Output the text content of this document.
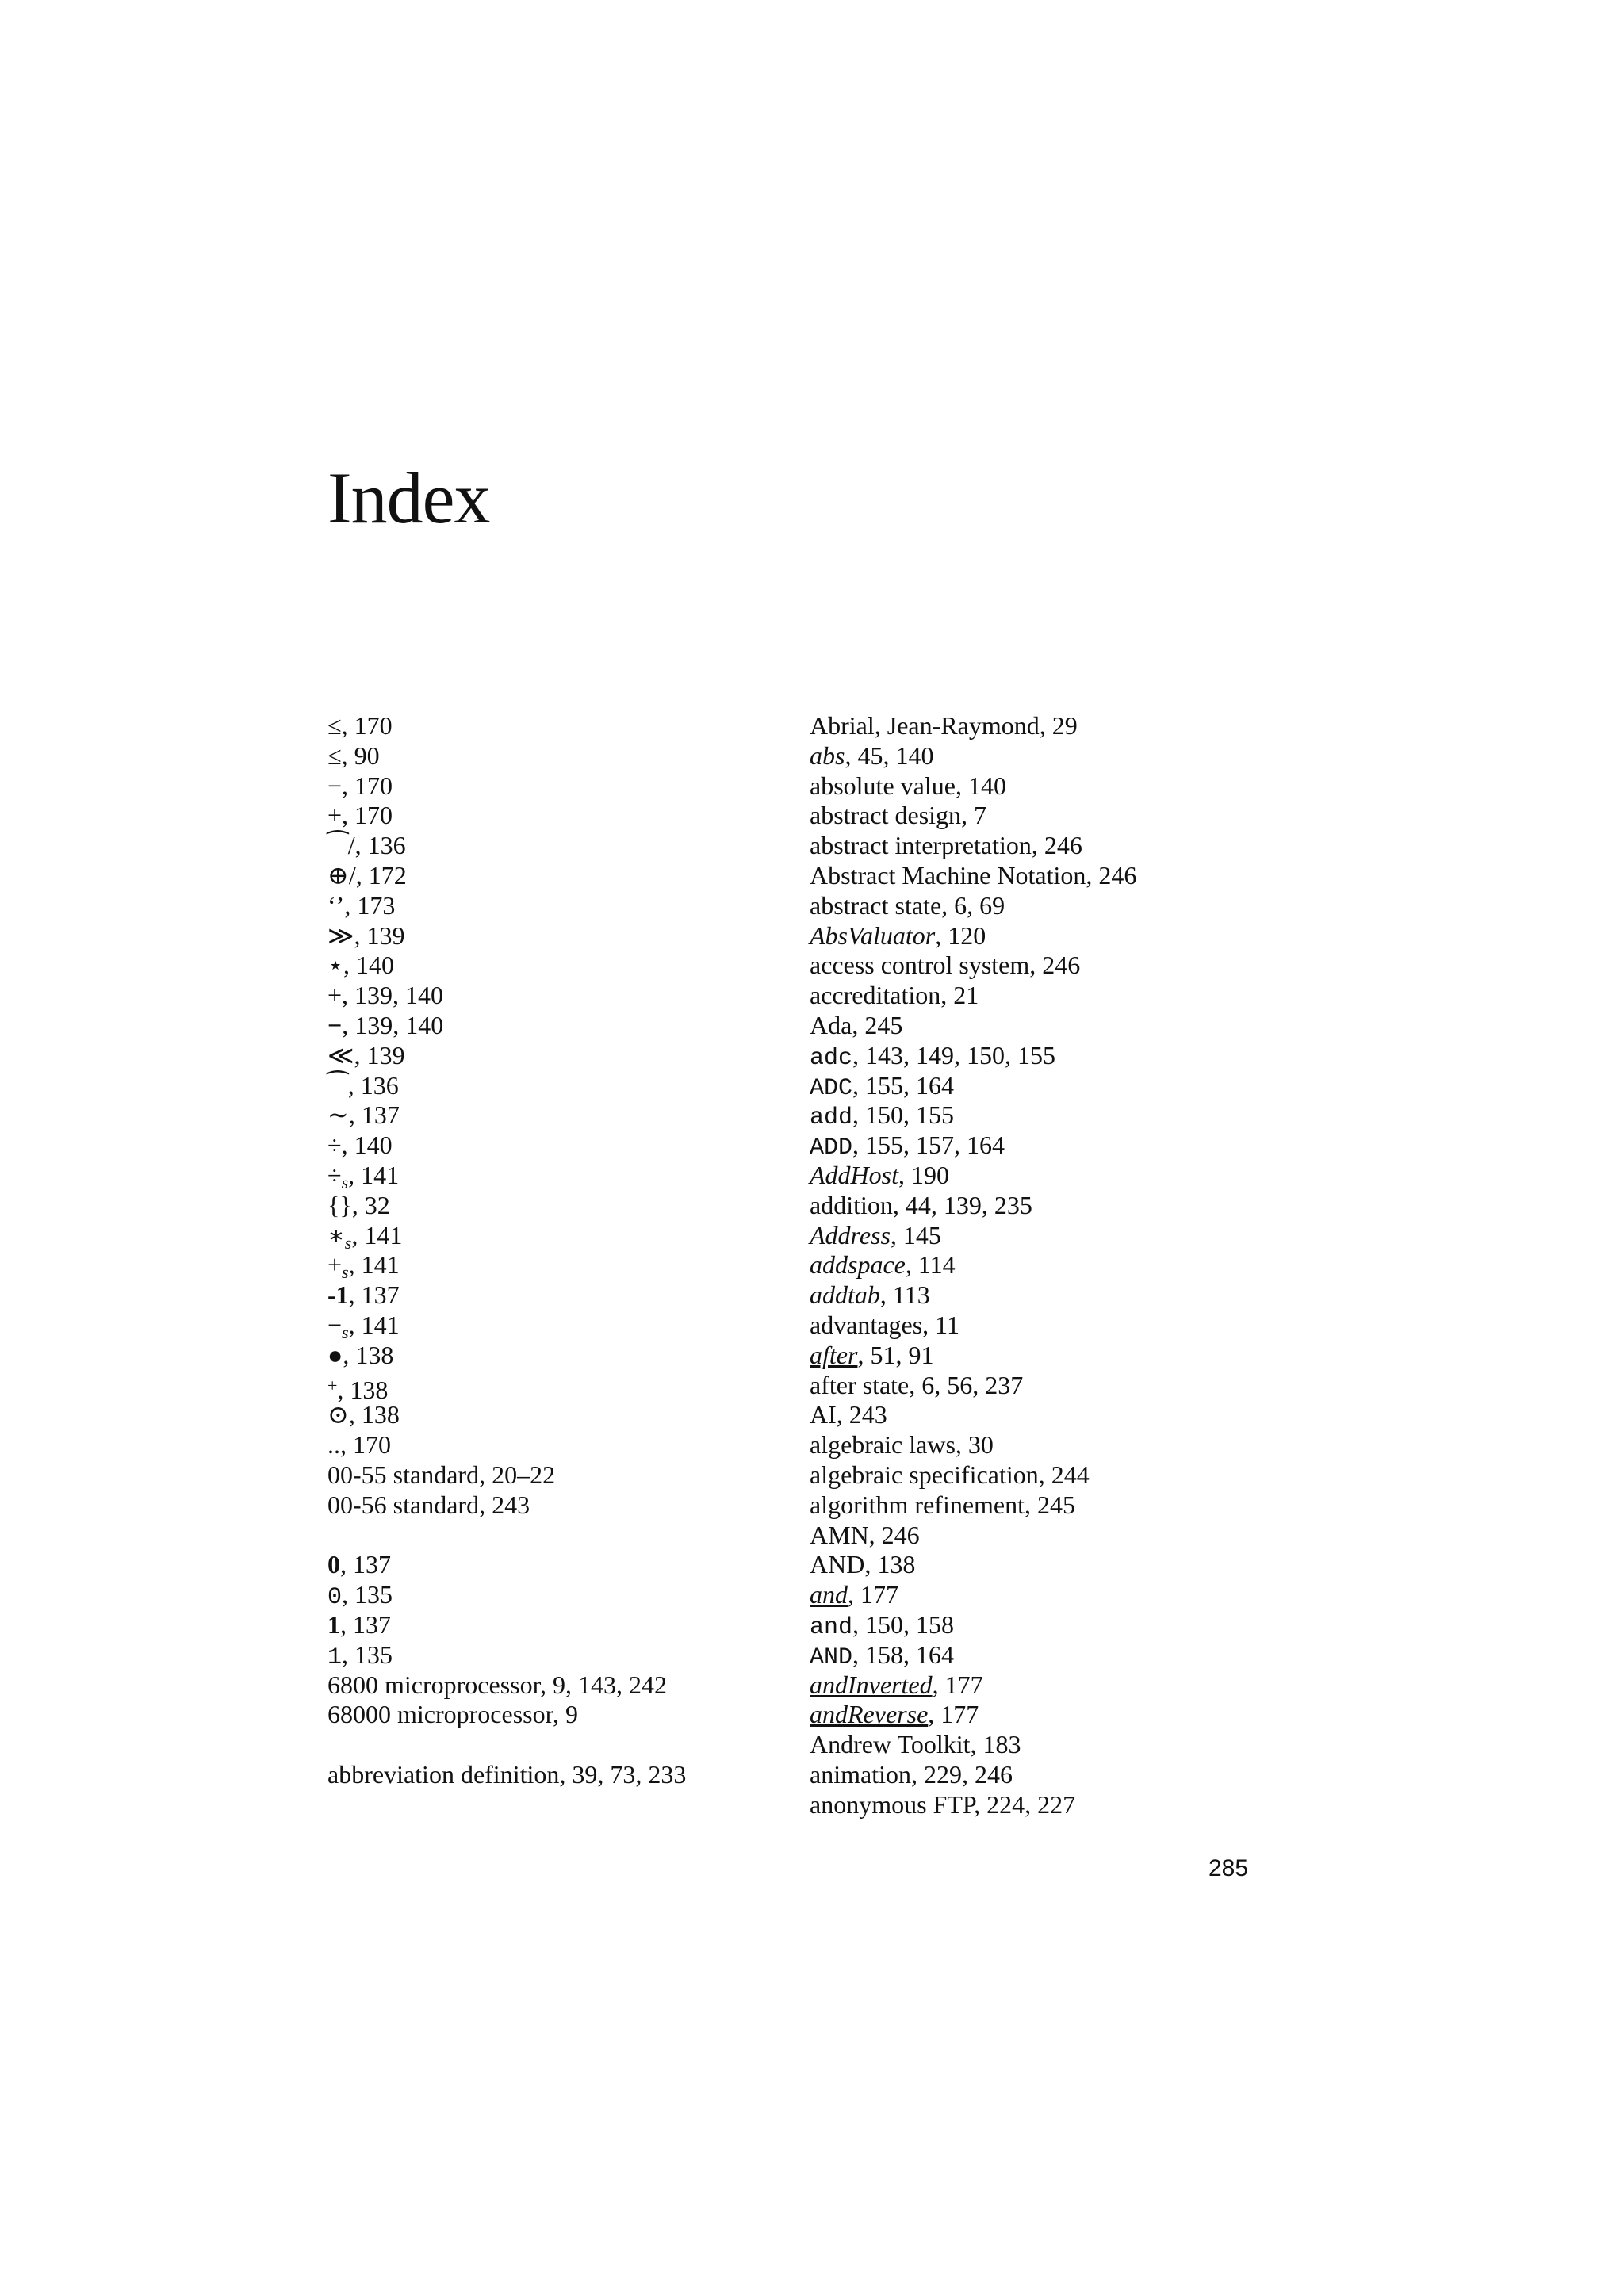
Index
≤, 170
≤, 90
−, 170
+, 170
⁀/, 136
⊕/, 172
‘’, 173
≫, 139
⋆, 140
+, 139, 140
−, 139, 140
≪, 139
⁀, 136
∼, 137
÷, 140
$\div_s$, 141
{}, 32
$∗_s$, 141
$+_s$, 141
-1, 137
$-_s$, 141
●, 138
+, 138
⊙, 138
.., 170
00-55 standard, 20–22
00-56 standard, 243
0, 137
0, 135
1, 137
1, 135
6800 microprocessor, 9, 143, 242
68000 microprocessor, 9
abbreviation definition, 39, 73, 233
Abrial, Jean-Raymond, 29
abs, 45, 140
absolute value, 140
abstract design, 7
abstract interpretation, 246
Abstract Machine Notation, 246
abstract state, 6, 69
AbsValuator, 120
access control system, 246
accreditation, 21
Ada, 245
adc, 143, 149, 150, 155
ADC, 155, 164
add, 150, 155
ADD, 155, 157, 164
AddHost, 190
addition, 44, 139, 235
Address, 145
addspace, 114
addtab, 113
advantages, 11
after, 51, 91
after state, 6, 56, 237
AI, 243
algebraic laws, 30
algebraic specification, 244
algorithm refinement, 245
AMN, 246
AND, 138
and, 177
and, 150, 158
AND, 158, 164
andInverted, 177
andReverse, 177
Andrew Toolkit, 183
animation, 229, 246
anonymous FTP, 224, 227
285
